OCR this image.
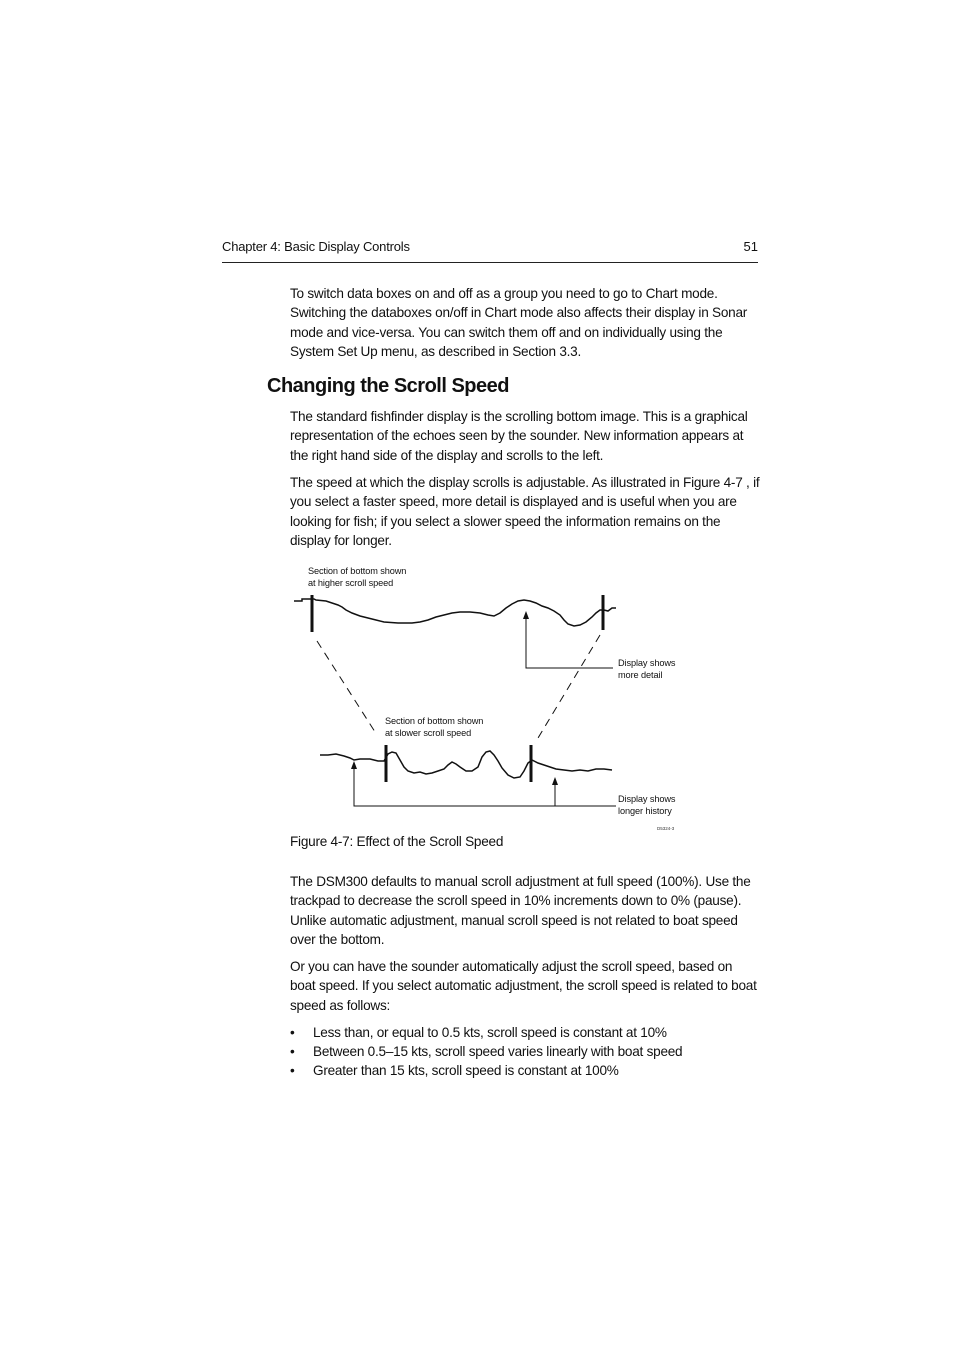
Chapter 4: Basic Display Controls	51

To switch data boxes on and off as a group you need to go to Chart mode. Switching the databoxes on/off in Chart mode also affects their display in Sonar mode and vice-versa. You can switch them off and on individually using the System Set Up menu, as described in Section 3.3.

Changing the Scroll Speed

The standard fishfinder display is the scrolling bottom image. This is a graphical representation of the echoes seen by the sounder. New information appears at the right hand side of the display and scrolls to the left.

The speed at which the display scrolls is adjustable. As illustrated in Figure 4-7 , if you select a faster speed, more detail is displayed and is useful when you are looking for fish; if you select a slower speed the information remains on the display for longer.

Section of bottom shown
at higher scroll speed
Display shows
more detail
Section of bottom shown
at slower scroll speed
Display shows
longer history
D5324-3
Figure 4-7: Effect of the Scroll Speed

The DSM300 defaults to manual scroll adjustment at full speed (100%). Use the trackpad to decrease the scroll speed in 10% increments down to 0% (pause). Unlike automatic adjustment, manual scroll speed is not related to boat speed over the bottom.

Or you can have the sounder automatically adjust the scroll speed, based on boat speed. If you select automatic adjustment, the scroll speed is related to boat speed as follows:

• Less than, or equal to 0.5 kts, scroll speed is constant at 10%
• Between 0.5–15 kts, scroll speed varies linearly with boat speed
• Greater than 15 kts, scroll speed is constant at 100%
